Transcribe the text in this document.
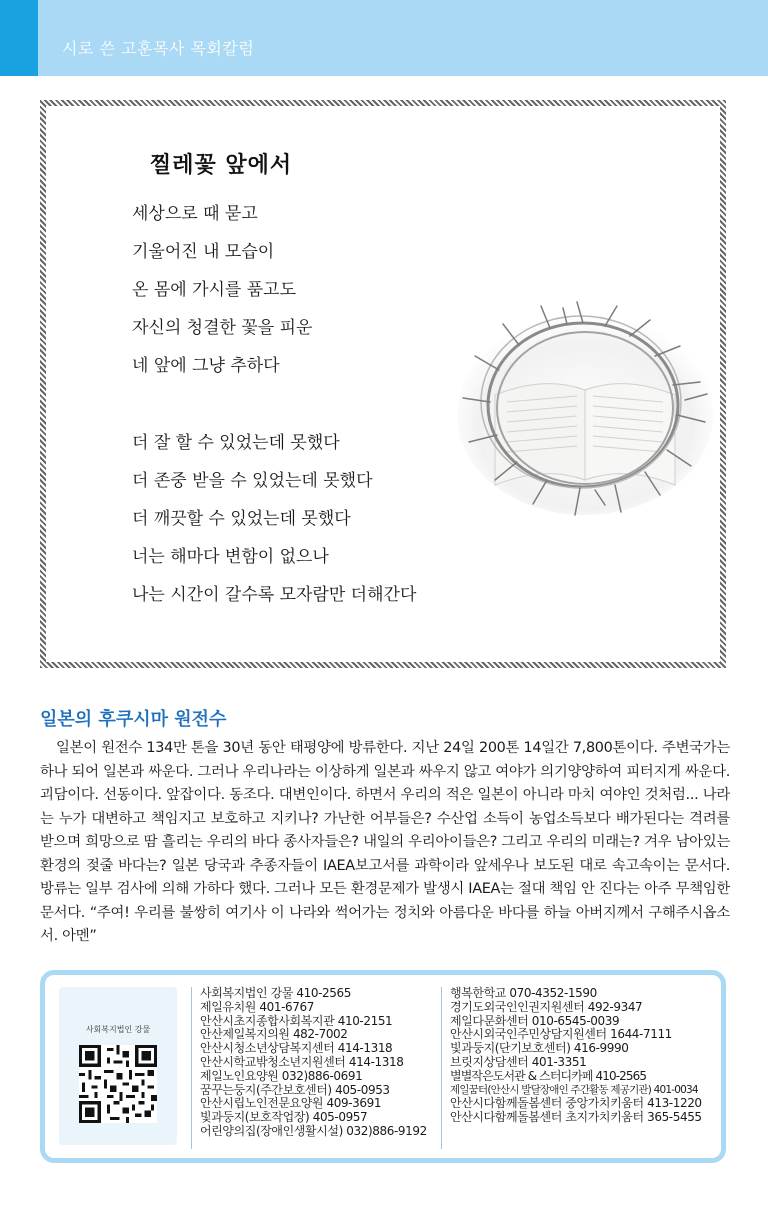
시로 쓴 고훈목사 목회칼럼
찔레꽃 앞에서
세상으로 때 묻고
기울어진 내 모습이
온 몸에 가시를 품고도
자신의 청결한 꽃을 피운
네 앞에 그냥 추하다
더 잘 할 수 있었는데 못했다
더 존중 받을 수 있었는데 못했다
더 깨끗할 수 있었는데 못했다
너는 해마다 변함이 없으나
나는 시간이 갈수록 모자람만 더해간다
일본의 후쿠시마 원전수
일본이 원전수 134만 톤을 30년 동안 태평양에 방류한다. 지난 24일 200톤 14일간 7,800톤이다. 주변국가는 하나 되어 일본과 싸운다. 그러나 우리나라는 이상하게 일본과 싸우지 않고 여야가 의기양양하여 피터지게 싸운다. 괴담이다. 선동이다. 앞잡이다. 동조다. 대변인이다. 하면서 우리의 적은 일본이 아니라 마치 여야인 것처럼... 나라는 누가 대변하고 책임지고 보호하고 지키나? 가난한 어부들은? 수산업 소득이 농업소득보다 배가된다는 격려를 받으며 희망으로 땀 흘리는 우리의 바다 종사자들은? 내일의 우리아이들은? 그리고 우리의 미래는? 겨우 남아있는 환경의 젖줄 바다는? 일본 당국과 추종자들이 IAEA보고서를 과학이라 앞세우나 보도된 대로 속고속이는 문서다. 방류는 일부 검사에 의해 가하다 했다. 그러나 모든 환경문제가 발생시 IAEA는 절대 책임 안 진다는 아주 무책임한 문서다. “주여! 우리를 불쌍히 여기사 이 나라와 썩어가는 정치와 아름다운 바다를 하늘 아버지께서 구해주시옵소서. 아멘”
사회복지법인 강물
사회복지법인 강물 410-2565
제일유치원 401-6767
안산시초지종합사회복지관 410-2151
안산제일복지의원 482-7002
안산시청소년상담복지센터 414-1318
안산시학교밖청소년지원센터 414-1318
제일노인요양원 032)886-0691
꿈꾸는둥지(주간보호센터) 405-0953
안산시립노인전문요양원 409-3691
빛과둥지(보호작업장) 405-0957
어린양의집(장애인생활시설) 032)886-9192
행복한학교 070-4352-1590
경기도외국인인권지원센터 492-9347
제일다문화센터 010-6545-0039
안산시외국인주민상담지원센터 1644-7111
빛과둥지(단기보호센터) 416-9990
브릿지상담센터 401-3351
별별작은도서관 & 스터디카페 410-2565
제일꿈터(안산시 발달장애인 주간활동 제공기관) 401-0034
안산시다함께돌봄센터 중앙가치키움터 413-1220
안산시다함께돌봄센터 초지가치키움터 365-5455
